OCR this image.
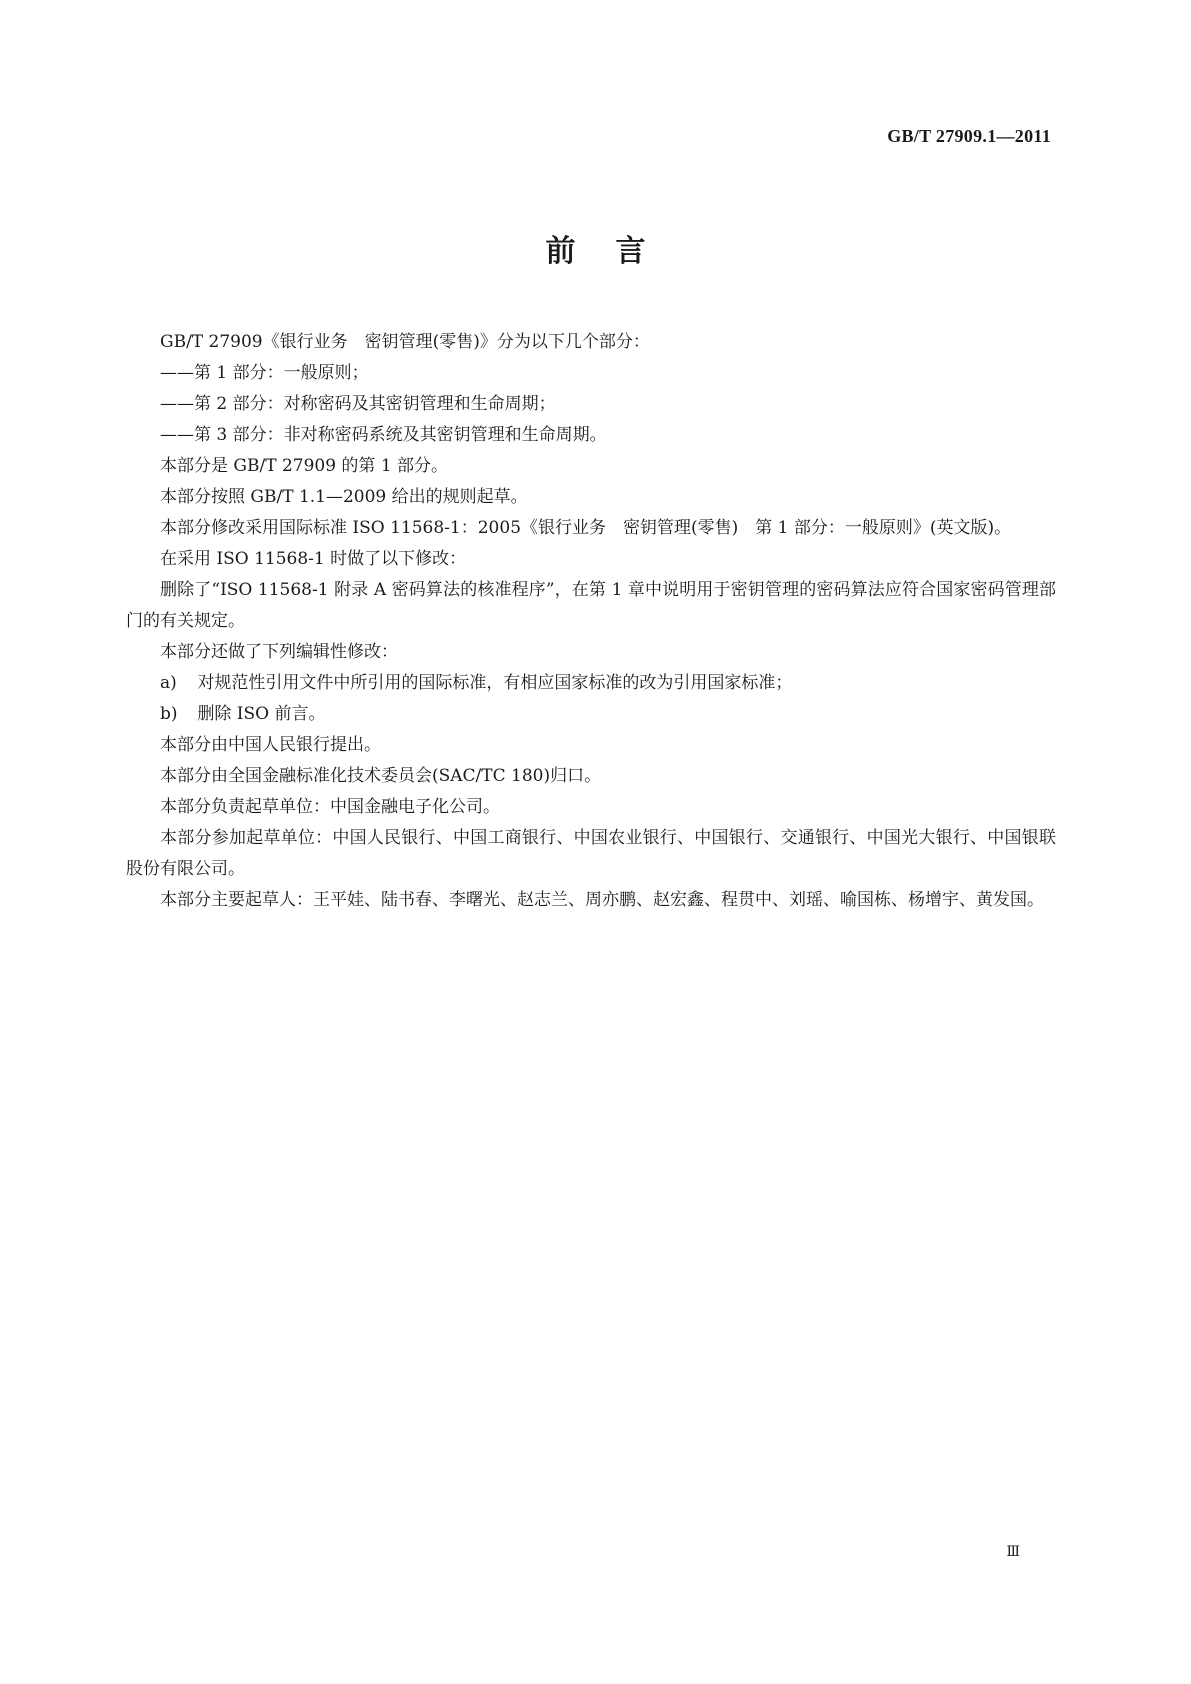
GB/T 27909.1—2011
前言

GB/T 27909《银行业务　密钥管理(零售)》分为以下几个部分：

——第 1 部分：一般原则；

——第 2 部分：对称密码及其密钥管理和生命周期；

——第 3 部分：非对称密码系统及其密钥管理和生命周期。

本部分是 GB/T 27909 的第 1 部分。

本部分按照 GB/T 1.1—2009 给出的规则起草。

本部分修改采用国际标准 ISO 11568-1：2005《银行业务　密钥管理(零售)　第 1 部分：一般原则》(英文版)。

在采用 ISO 11568-1 时做了以下修改：

删除了“ISO 11568-1 附录 A 密码算法的核准程序”，在第 1 章中说明用于密钥管理的密码算法应符合国家密码管理部门的有关规定。

本部分还做了下列编辑性修改：

a) 对规范性引用文件中所引用的国际标准，有相应国家标准的改为引用国家标准；

b) 删除 ISO 前言。

本部分由中国人民银行提出。

本部分由全国金融标准化技术委员会(SAC/TC 180)归口。

本部分负责起草单位：中国金融电子化公司。

本部分参加起草单位：中国人民银行、中国工商银行、中国农业银行、中国银行、交通银行、中国光大银行、中国银联股份有限公司。

本部分主要起草人：王平娃、陆书春、李曙光、赵志兰、周亦鹏、赵宏鑫、程贯中、刘瑶、喻国栋、杨增宇、黄发国。

Ⅲ
